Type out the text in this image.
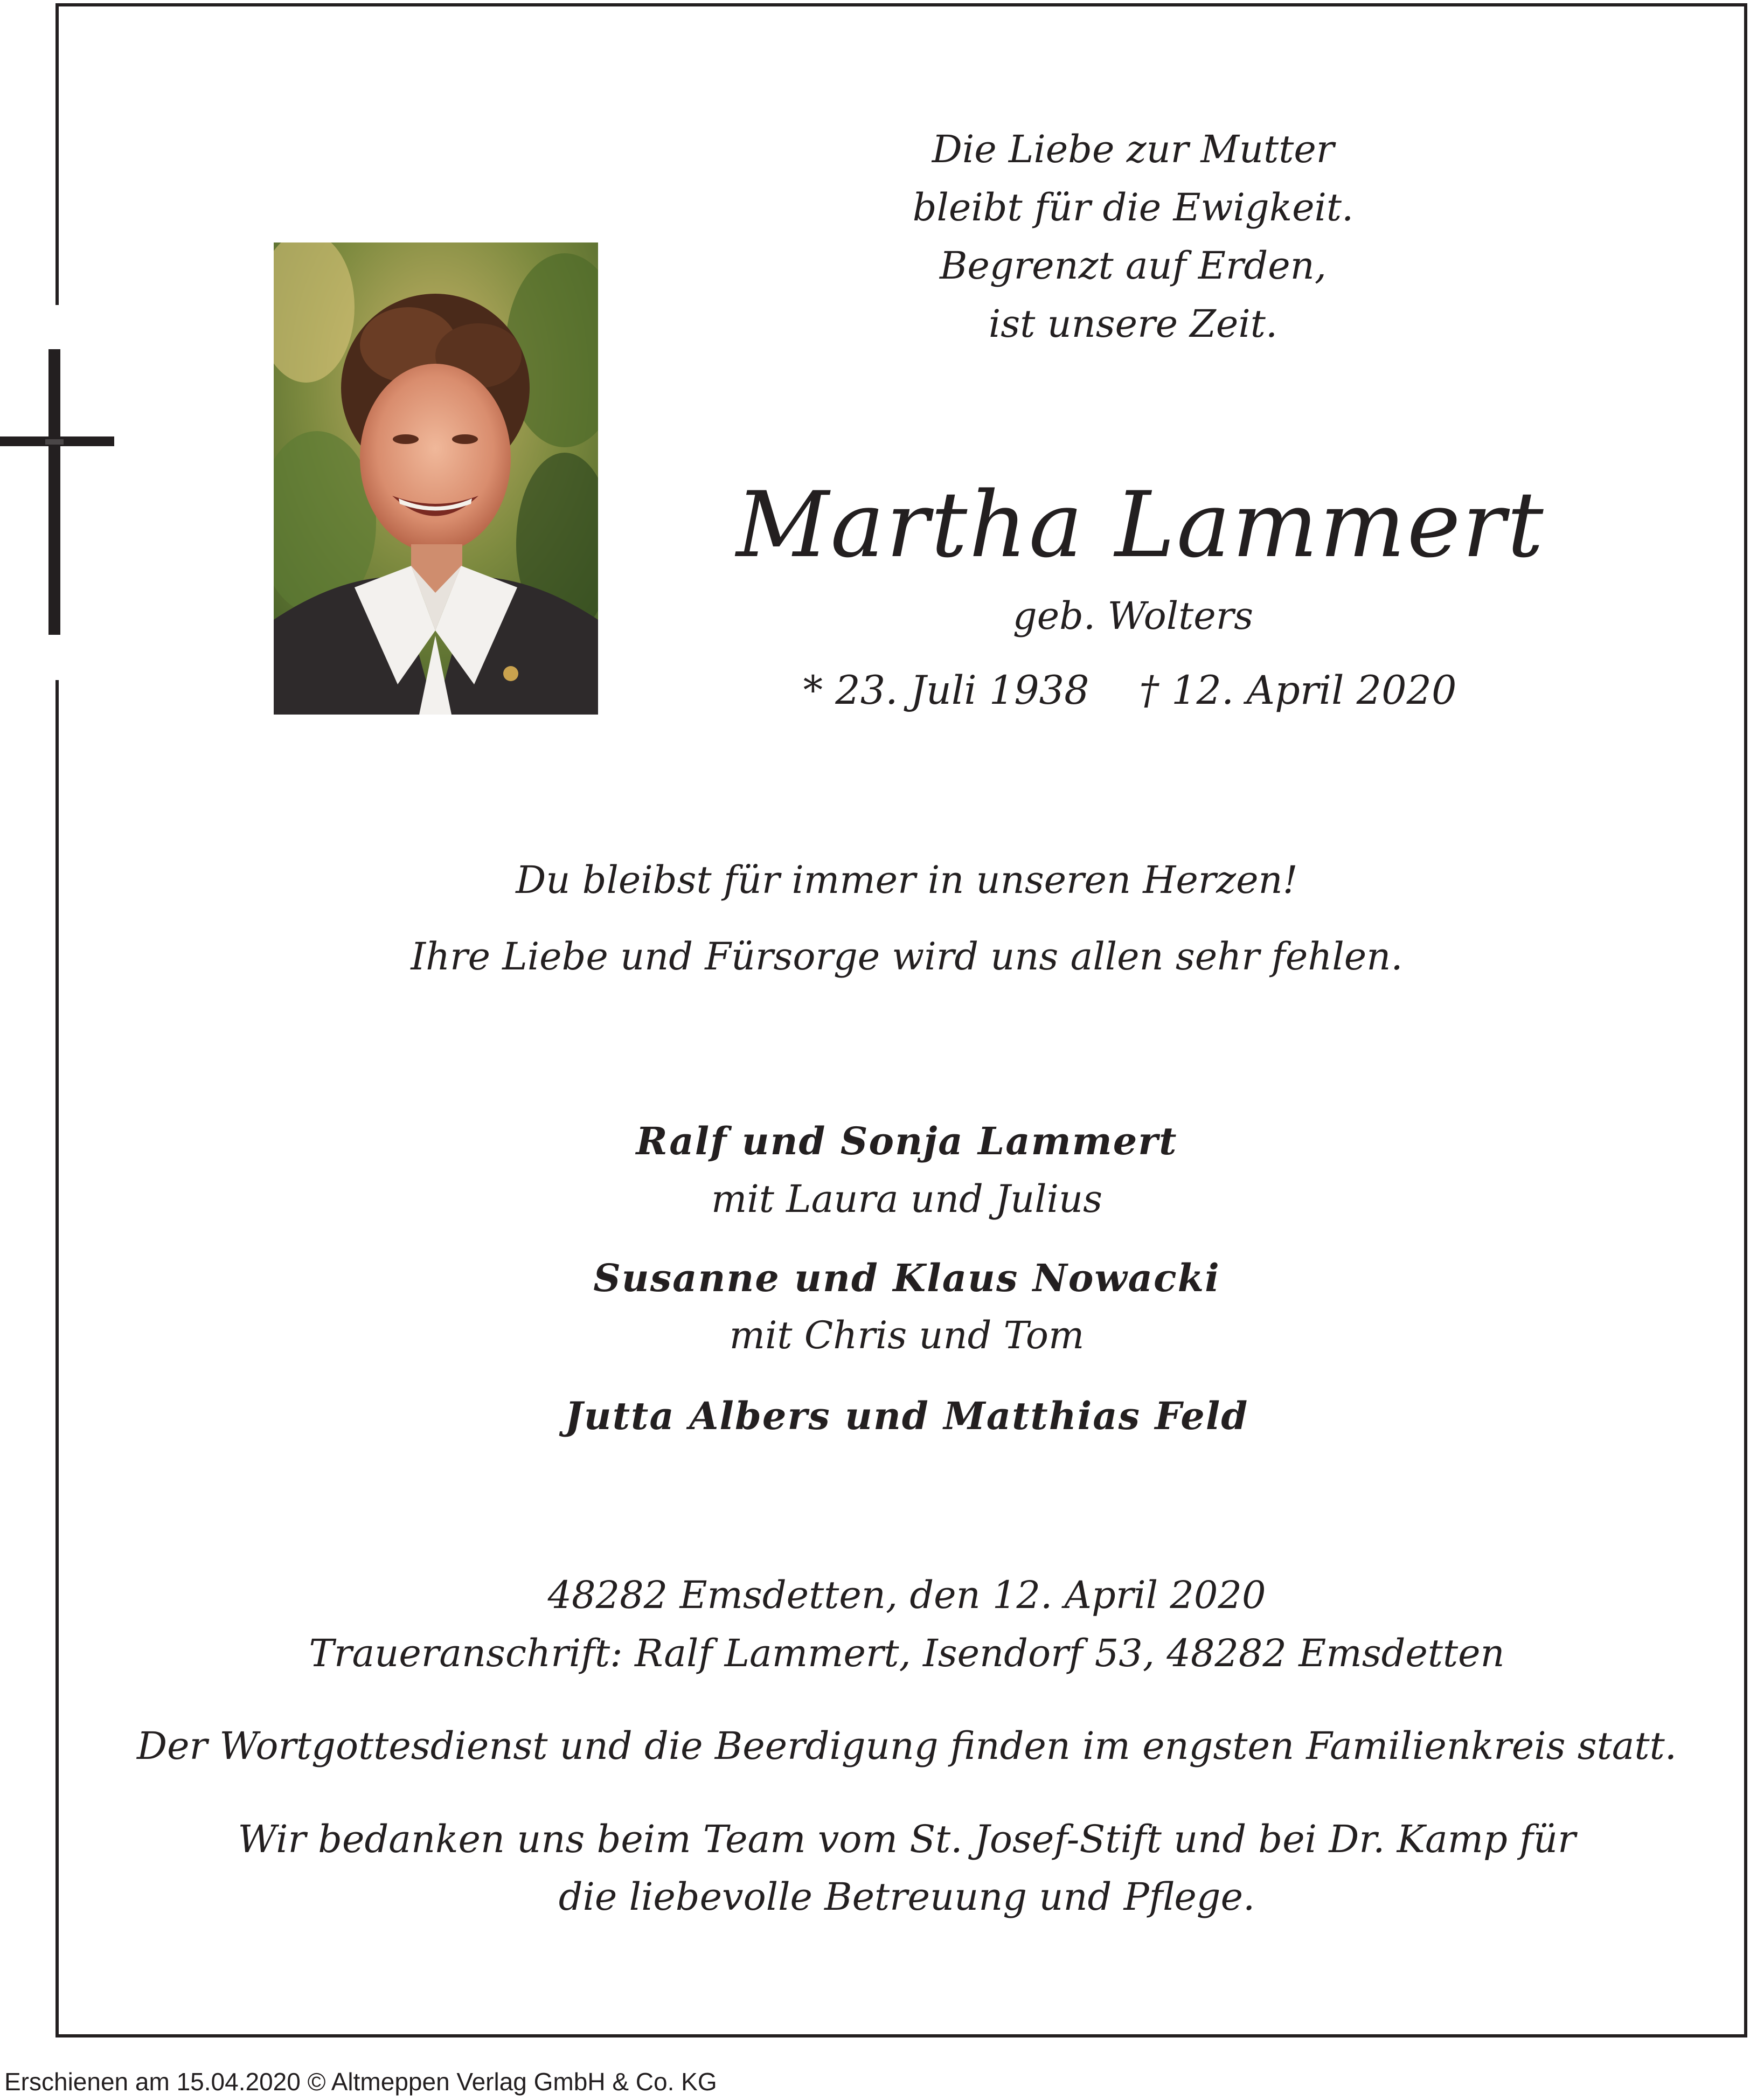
Die Liebe zur Mutter
bleibt für die Ewigkeit.
Begrenzt auf Erden,
ist unsere Zeit.
Martha Lammert
geb. Wolters
* 23. Juli 1938    † 12. April 2020
Du bleibst für immer in unseren Herzen!
Ihre Liebe und Fürsorge wird uns allen sehr fehlen.
Ralf und Sonja Lammert
mit Laura und Julius
Susanne und Klaus Nowacki
mit Chris und Tom
Jutta Albers und Matthias Feld
48282 Emsdetten, den 12. April 2020
Traueranschrift: Ralf Lammert, Isendorf 53, 48282 Emsdetten
Der Wortgottesdienst und die Beerdigung finden im engsten Familienkreis statt.
Wir bedanken uns beim Team vom St. Josef-Stift und bei Dr. Kamp für
die liebevolle Betreuung und Pflege.
Erschienen am 15.04.2020 © Altmeppen Verlag GmbH & Co. KG
